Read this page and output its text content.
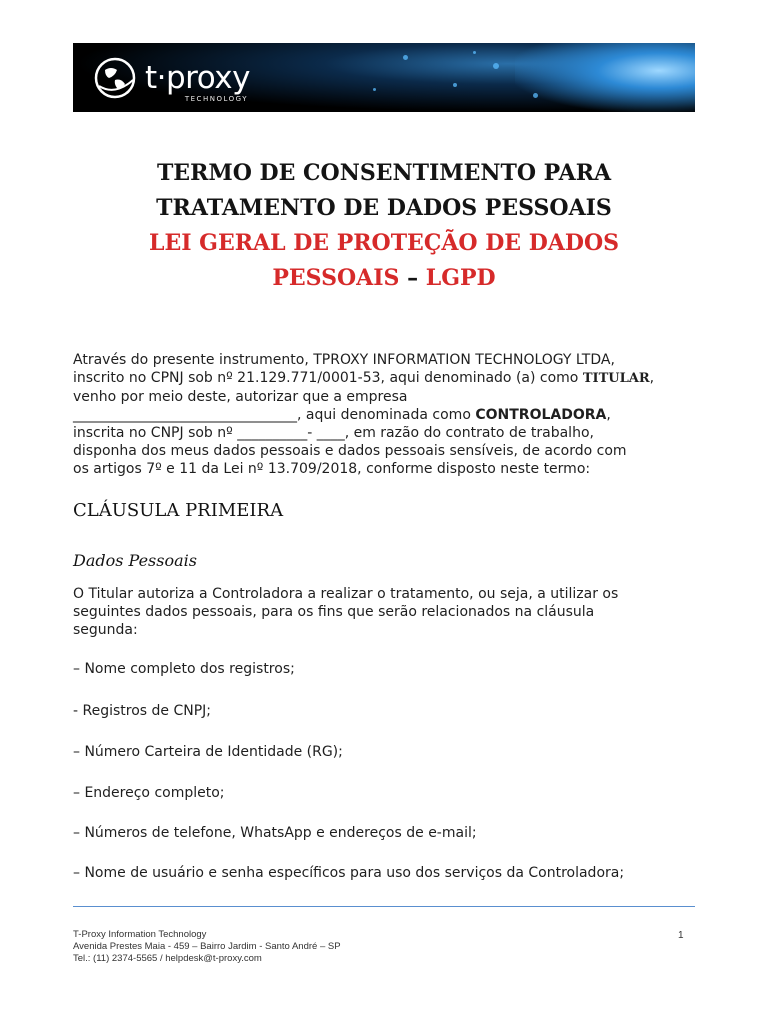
t·proxy
TECHNOLOGY
TERMO DE CONSENTIMENTO PARA
TRATAMENTO DE DADOS PESSOAIS
LEI GERAL DE PROTEÇÃO DE DADOS
PESSOAIS – LGPD
Através do presente instrumento, TPROXY INFORMATION TECHNOLOGY LTDA,
inscrito no CPNJ sob nº 21.129.771/0001-53, aqui denominado (a) como TITULAR,
venho por meio deste, autorizar que a empresa
________________________________, aqui denominada como CONTROLADORA,
inscrita no CNPJ sob nº __________- ____, em razão do contrato de trabalho,
disponha dos meus dados pessoais e dados pessoais sensíveis, de acordo com
os artigos 7º e 11 da Lei nº 13.709/2018, conforme disposto neste termo:
CLÁUSULA PRIMEIRA
Dados Pessoais
O Titular autoriza a Controladora a realizar o tratamento, ou seja, a utilizar os
seguintes dados pessoais, para os fins que serão relacionados na cláusula
segunda:
– Nome completo dos registros;
- Registros de CNPJ;
– Número Carteira de Identidade (RG);
– Endereço completo;
– Números de telefone, WhatsApp e endereços de e-mail;
– Nome de usuário e senha específicos para uso dos serviços da Controladora;
T-Proxy Information Technology
Avenida Prestes Maia - 459 – Bairro Jardim - Santo André – SP
Tel.: (11) 2374-5565 / helpdesk@t-proxy.com
1
